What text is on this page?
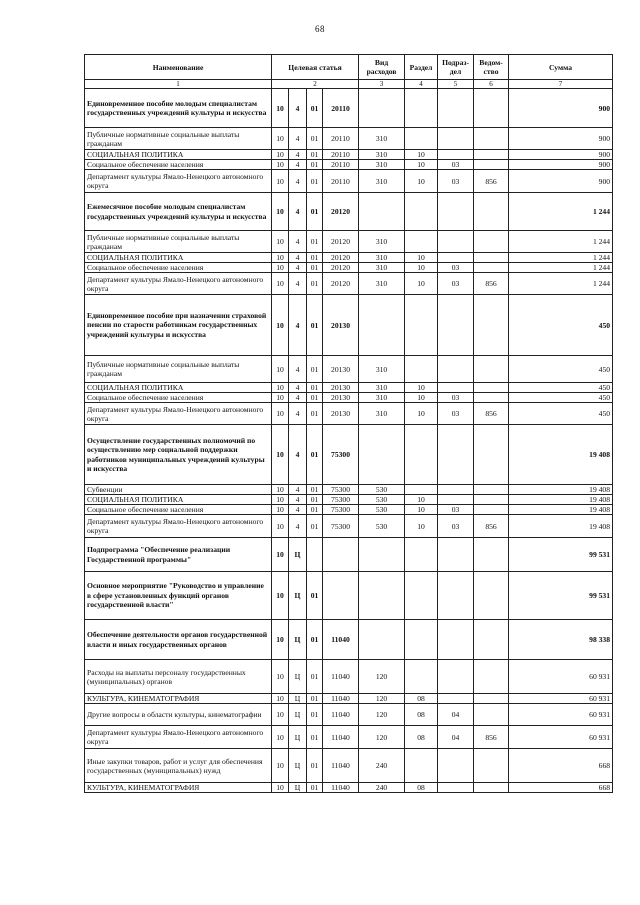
68
Наименование	Целевая статья				Вид расходов	Раздел	Подраз-дел	Ведом-ство	Сумма
1	2				3	4	5	6	7
Единовременное пособие молодым специалистам государственных учреждений культуры и искусства	10	4	01	20110					900
Публичные нормативные социальные выплаты гражданам	10	4	01	20110	310				900
СОЦИАЛЬНАЯ ПОЛИТИКА	10	4	01	20110	310	10			900
Социальное обеспечение населения	10	4	01	20110	310	10	03		900
Департамент культуры Ямало-Ненецкого автономного округа	10	4	01	20110	310	10	03	856	900
Ежемесячное пособие молодым специалистам государственных учреждений культуры и искусства	10	4	01	20120					1 244
Публичные нормативные социальные выплаты гражданам	10	4	01	20120	310				1 244
СОЦИАЛЬНАЯ ПОЛИТИКА	10	4	01	20120	310	10			1 244
Социальное обеспечение населения	10	4	01	20120	310	10	03		1 244
Департамент культуры Ямало-Ненецкого автономного округа	10	4	01	20120	310	10	03	856	1 244
Единовременное пособие при назначении страховой пенсии по старости работникам государственных учреждений культуры и искусства	10	4	01	20130					450
Публичные нормативные социальные выплаты гражданам	10	4	01	20130	310				450
СОЦИАЛЬНАЯ ПОЛИТИКА	10	4	01	20130	310	10			450
Социальное обеспечение населения	10	4	01	20130	310	10	03		450
Департамент культуры Ямало-Ненецкого автономного округа	10	4	01	20130	310	10	03	856	450
Осуществление государственных полномочий по осуществлению мер социальной поддержки работников муниципальных учреждений культуры и искусства	10	4	01	75300					19 408
Субвенции	10	4	01	75300	530				19 408
СОЦИАЛЬНАЯ ПОЛИТИКА	10	4	01	75300	530	10			19 408
Социальное обеспечение населения	10	4	01	75300	530	10	03		19 408
Департамент культуры Ямало-Ненецкого автономного округа	10	4	01	75300	530	10	03	856	19 408
Подпрограмма "Обеспечение реализации Государственной программы"	10	Ц							99 531
Основное мероприятие "Руководство и управление в сфере установленных функций органов государственной власти"	10	Ц	01						99 531
Обеспечение деятельности органов государственной власти и иных государственных органов	10	Ц	01	11040					98 338
Расходы на выплаты персоналу государственных (муниципальных) органов	10	Ц	01	11040	120				60 931
КУЛЬТУРА, КИНЕМАТОГРАФИЯ	10	Ц	01	11040	120	08			60 931
Другие вопросы в области культуры, кинематографии	10	Ц	01	11040	120	08	04		60 931
Департамент культуры Ямало-Ненецкого автономного округа	10	Ц	01	11040	120	08	04	856	60 931
Иные закупки товаров, работ и услуг для обеспечения государственных (муниципальных) нужд	10	Ц	01	11040	240				668
КУЛЬТУРА, КИНЕМАТОГРАФИЯ	10	Ц	01	11040	240	08			668
